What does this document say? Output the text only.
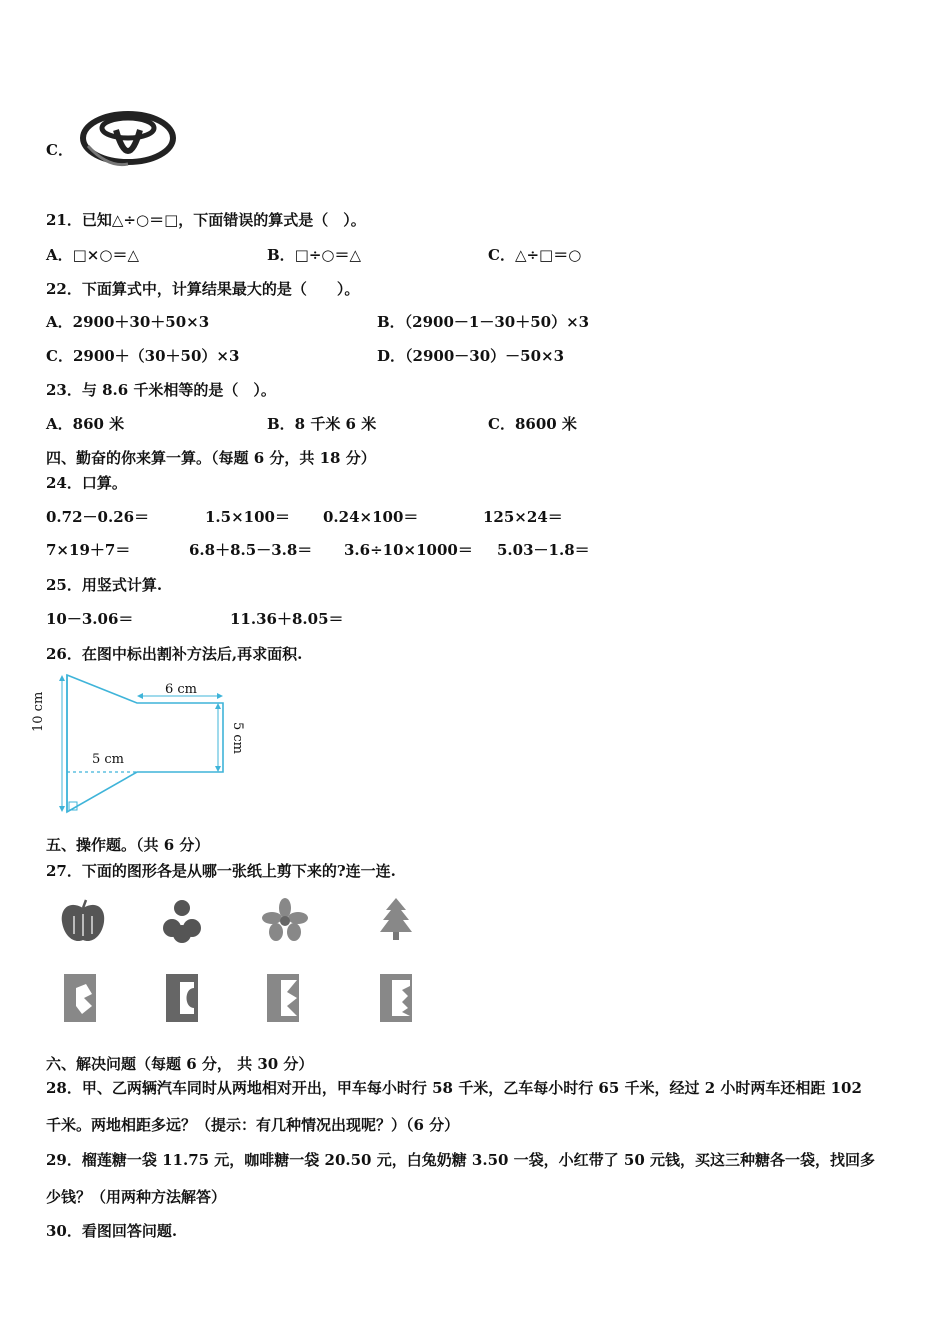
C．
21．已知△÷○＝□，下面错误的算式是（　）。
A．□×○＝△	B．□÷○＝△	C．△÷□＝○
22．下面算式中，计算结果最大的是（　　）。
A．2900＋30＋50×3	B．（2900－1－30＋50）×3
C．2900＋（30＋50）×3	D．（2900－30）－50×3
23．与 8.6 千米相等的是（　）。
A．860 米	B．8 千米 6 米	C．8600 米
四、勤奋的你来算一算。（每题 6 分，共 18 分）
24．口算。
0.72－0.26＝	1.5×100＝ 0.24×100＝	125×24＝
7×19＋7＝	6.8＋8.5－3.8＝ 3.6÷10×1000＝ 5.03－1.8＝
25．用竖式计算.
10－3.06＝	11.36＋8.05＝
26．在图中标出割补方法后,再求面积.
6 cm
5 cm
10 cm
5 cm
五、操作题。（共 6 分）
27．下面的图形各是从哪一张纸上剪下来的?连一连.
六、解决问题（每题 6 分， 共 30 分）
28．甲、乙两辆汽车同时从两地相对开出，甲车每小时行 58 千米，乙车每小时行 65 千米，经过 2 小时两车还相距 102
千米。两地相距多远？（提示：有几种情况出现呢？）（6 分）
29．榴莲糖一袋 11.75 元，咖啡糖一袋 20.50 元，白兔奶糖 3.50 一袋，小红带了 50 元钱，买这三种糖各一袋，找回多
少钱？（用两种方法解答）
30．看图回答问题.
